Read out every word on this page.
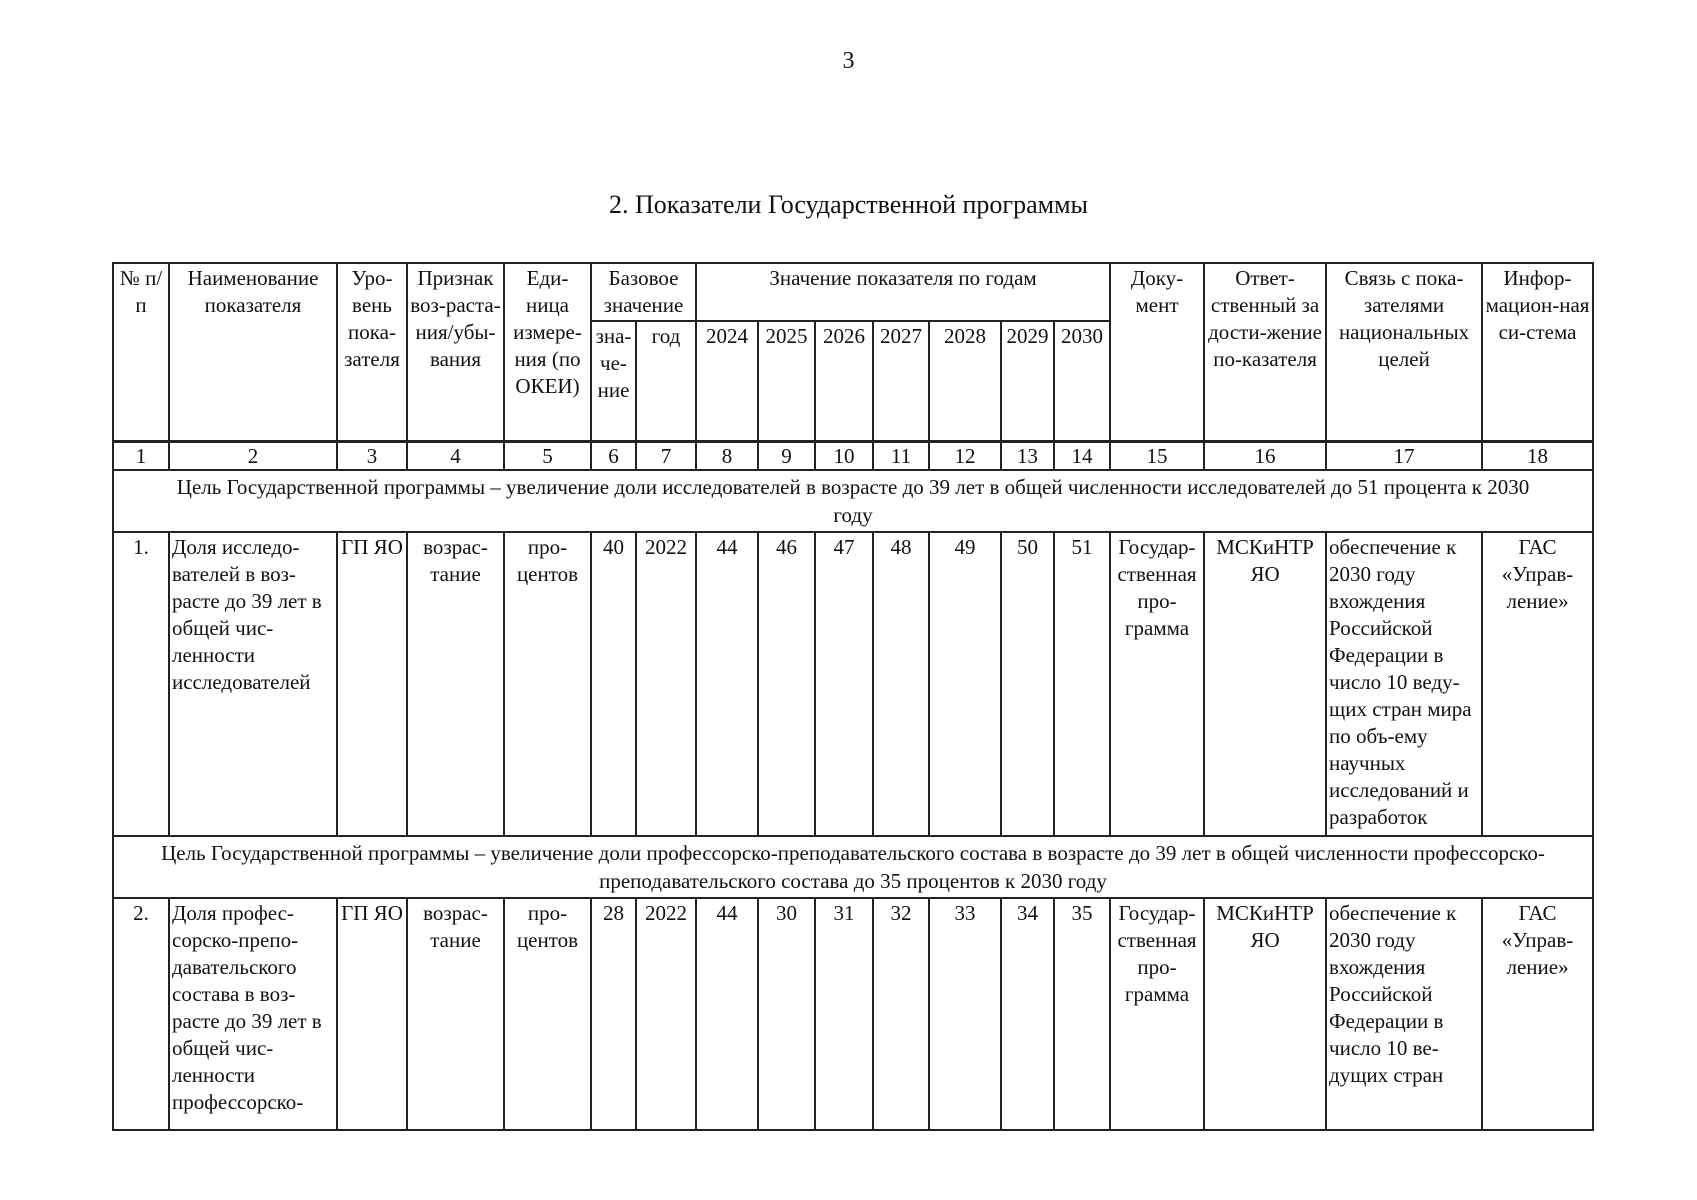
3
2. Показатели Государственной программы
№ п/п	Наименование показателя	Уро-вень пока-зателя	Признак воз-раста-ния/убы-вания	Еди-ница измере-ния (по ОКЕИ)	Базовое значение		Значение показателя по годам							Доку-мент	Ответ-ственный за дости-жение по-казателя	Связь с пока-зателями национальных целей	Инфор-мацион-ная си-стема
					зна-че-ние	год	2024	2025	2026	2027	2028	2029	2030				
1	2	3	4	5	6	7	8	9	10	11	12	13	14	15	16	17	18
Цель Государственной программы – увеличение доли исследователей в возрасте до 39 лет в общей численности исследователей до 51 процента к 2030 году																	
1.	Доля исследо-вателей в воз-расте до 39 лет в общей чис-ленности исследователей	ГП ЯО	возрас-тание	про-центов	40	2022	44	46	47	48	49	50	51	Государ-ственная про-грамма	МСКиНТР ЯО	обеспечение к 2030 году вхождения Российской Федерации в число 10 веду-щих стран мира по объ-ему научных исследований и разработок	ГАС «Управ-ление»
Цель Государственной программы – увеличение доли профессорско-преподавательского состава в возрасте до 39 лет в общей численности профессорско-преподавательского состава до 35 процентов к 2030 году																	
2.	Доля профес-сорско-препо-давательского состава в воз-расте до 39 лет в общей чис-ленности профессорско-	ГП ЯО	возрас-тание	про-центов	28	2022	44	30	31	32	33	34	35	Государ-ственная про-грамма	МСКиНТР ЯО	обеспечение к 2030 году вхождения Российской Федерации в число 10 ве-дущих стран	ГАС «Управ-ление»
